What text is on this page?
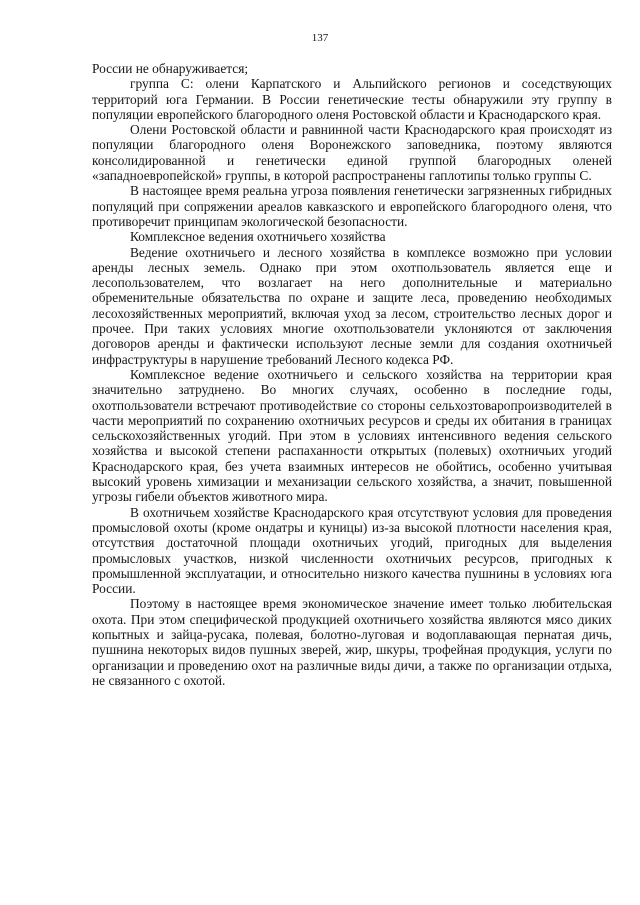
137

России не обнаруживается;

группа С: олени Карпатского и Альпийского регионов и соседствующих территорий юга Германии. В России генетические тесты обнаружили эту группу в популяции европейского благородного оленя Ростовской области и Краснодарского края.

Олени Ростовской области и равнинной части Краснодарского края происходят из популяции благородного оленя Воронежского заповедника, поэтому являются консолидированной и генетически единой группой благородных оленей «западноевропейской» группы, в которой распространены гаплотипы только группы С.

В настоящее время реальна угроза появления генетически загрязненных гибридных популяций при сопряжении ареалов кавказского и европейского благородного оленя, что противоречит принципам экологической безопасности.

Комплексное ведения охотничьего хозяйства

Ведение охотничьего и лесного хозяйства в комплексе возможно при условии аренды лесных земель. Однако при этом охотпользователь является еще и лесопользователем, что возлагает на него дополнительные и материально обременительные обязательства по охране и защите леса, проведению необходимых лесохозяйственных мероприятий, включая уход за лесом, строительство лесных дорог и прочее. При таких условиях многие охотпользователи уклоняются от заключения договоров аренды и фактически используют лесные земли для создания охотничьей инфраструктуры в нарушение требований Лесного кодекса РФ.

Комплексное ведение охотничьего и сельского хозяйства на территории края значительно затруднено. Во многих случаях, особенно в последние годы, охотпользователи встречают противодействие со стороны сельхозтоваропроизводителей в части мероприятий по сохранению охотничьих ресурсов и среды их обитания в границах сельскохозяйственных угодий. При этом в условиях интенсивного ведения сельского хозяйства и высокой степени распаханности открытых (полевых) охотничьих угодий Краснодарского края, без учета взаимных интересов не обойтись, особенно учитывая высокий уровень химизации и механизации сельского хозяйства, а значит, повышенной угрозы гибели объектов животного мира.

В охотничьем хозяйстве Краснодарского края отсутствуют условия для проведения промысловой охоты (кроме ондатры и куницы) из-за высокой плотности населения края, отсутствия достаточной площади охотничьих угодий, пригодных для выделения промысловых участков, низкой численности охотничьих ресурсов, пригодных к промышленной эксплуатации, и относительно низкого качества пушнины в условиях юга России.

Поэтому в настоящее время экономическое значение имеет только любительская охота. При этом специфической продукцией охотничьего хозяйства являются мясо диких копытных и зайца-русака, полевая, болотно-луговая и водоплавающая пернатая дичь, пушнина некоторых видов пушных зверей, жир, шкуры, трофейная продукция, услуги по организации и проведению охот на различные виды дичи, а также по организации отдыха, не связанного с охотой.
